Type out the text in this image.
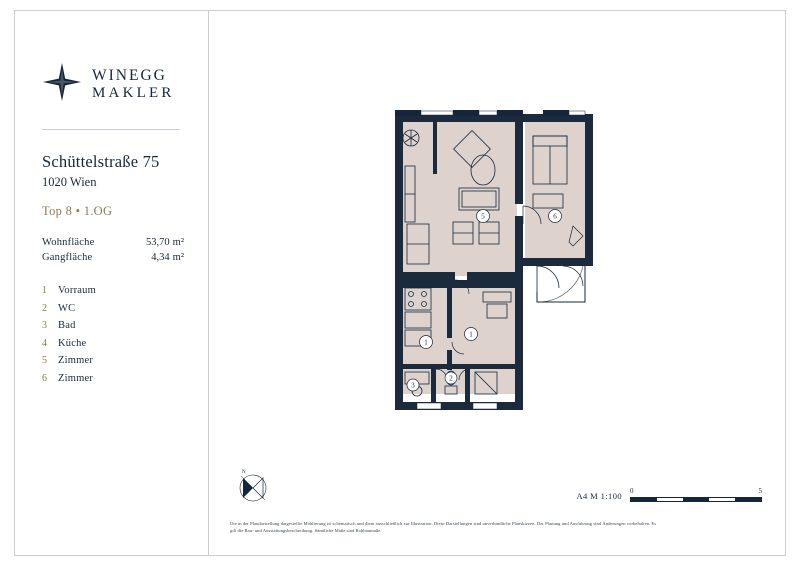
WINEGG
MAKLER
Schüttelstraße 75
1020 Wien
Top 8 • 1.OG
Wohnfläche	53,70 m²
Gangfläche	4,34 m²
1	Vorraum
2	WC
3	Bad
4	Küche
5	Zimmer
6	Zimmer
5	6
1
1
3
2
N
A4 M 1:100 0	5
Die in der Plandarstellung dargestellte Möblierung ist schematisch und dient ausschließlich zur Illustration. Diese Darstellungen sind unverbindliche Planskizzen. Der Planung und Ausführung sind Änderungen vorbehalten. Es
gilt die Bau- und Ausstattungsbeschreibung. Sämtliche Maße sind Rohbaumaße.
